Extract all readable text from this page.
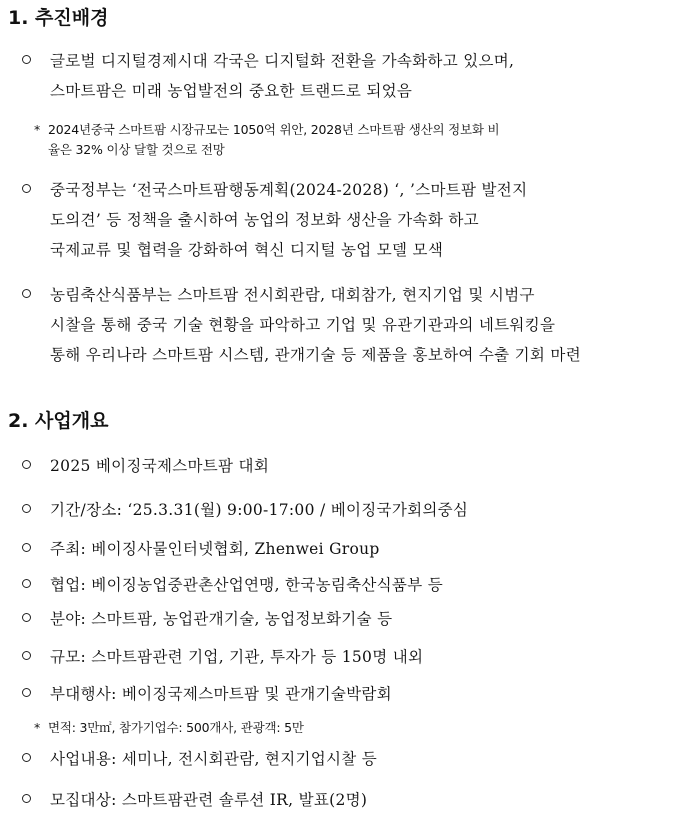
1. 추진배경
글로벌 디지털경제시대 각국은 디지털화 전환을 가속화하고 있으며,
스마트팜은 미래 농업발전의 중요한 트랜드로 되었음
* 2024년중국 스마트팜 시장규모는 1050억 위안, 2028년 스마트팜 생산의 정보화 비
율은 32% 이상 달할 것으로 전망
중국정부는 ‘전국스마트팜행동계획(2024-2028) ‘, ’스마트팜 발전지
도의견’ 등 정책을 출시하여 농업의 정보화 생산을 가속화 하고
국제교류 및 협력을 강화하여 혁신 디지털 농업 모델 모색
농림축산식품부는 스마트팜 전시회관람, 대회참가, 현지기업 및 시범구
시찰을 통해 중국 기술 현황을 파악하고 기업 및 유관기관과의 네트워킹을
통해 우리나라 스마트팜 시스템, 관개기술 등 제품을 홍보하여 수출 기회 마련
2. 사업개요
2025 베이징국제스마트팜 대회
기간/장소: ‘25.3.31(월) 9:00-17:00 / 베이징국가회의중심
주최: 베이징사물인터넷협회, Zhenwei Group
협업: 베이징농업중관촌산업연맹, 한국농림축산식품부 등
분야: 스마트팜, 농업관개기술, 농업정보화기술 등
규모: 스마트팜관련 기업, 기관, 투자가 등 150명 내외
부대행사: 베이징국제스마트팜 및 관개기술박람회
* 면적: 3만㎡, 참가기업수: 500개사, 관광객: 5만
사업내용: 세미나, 전시회관람, 현지기업시찰 등
모집대상: 스마트팜관련 솔루션 IR, 발표(2명)
